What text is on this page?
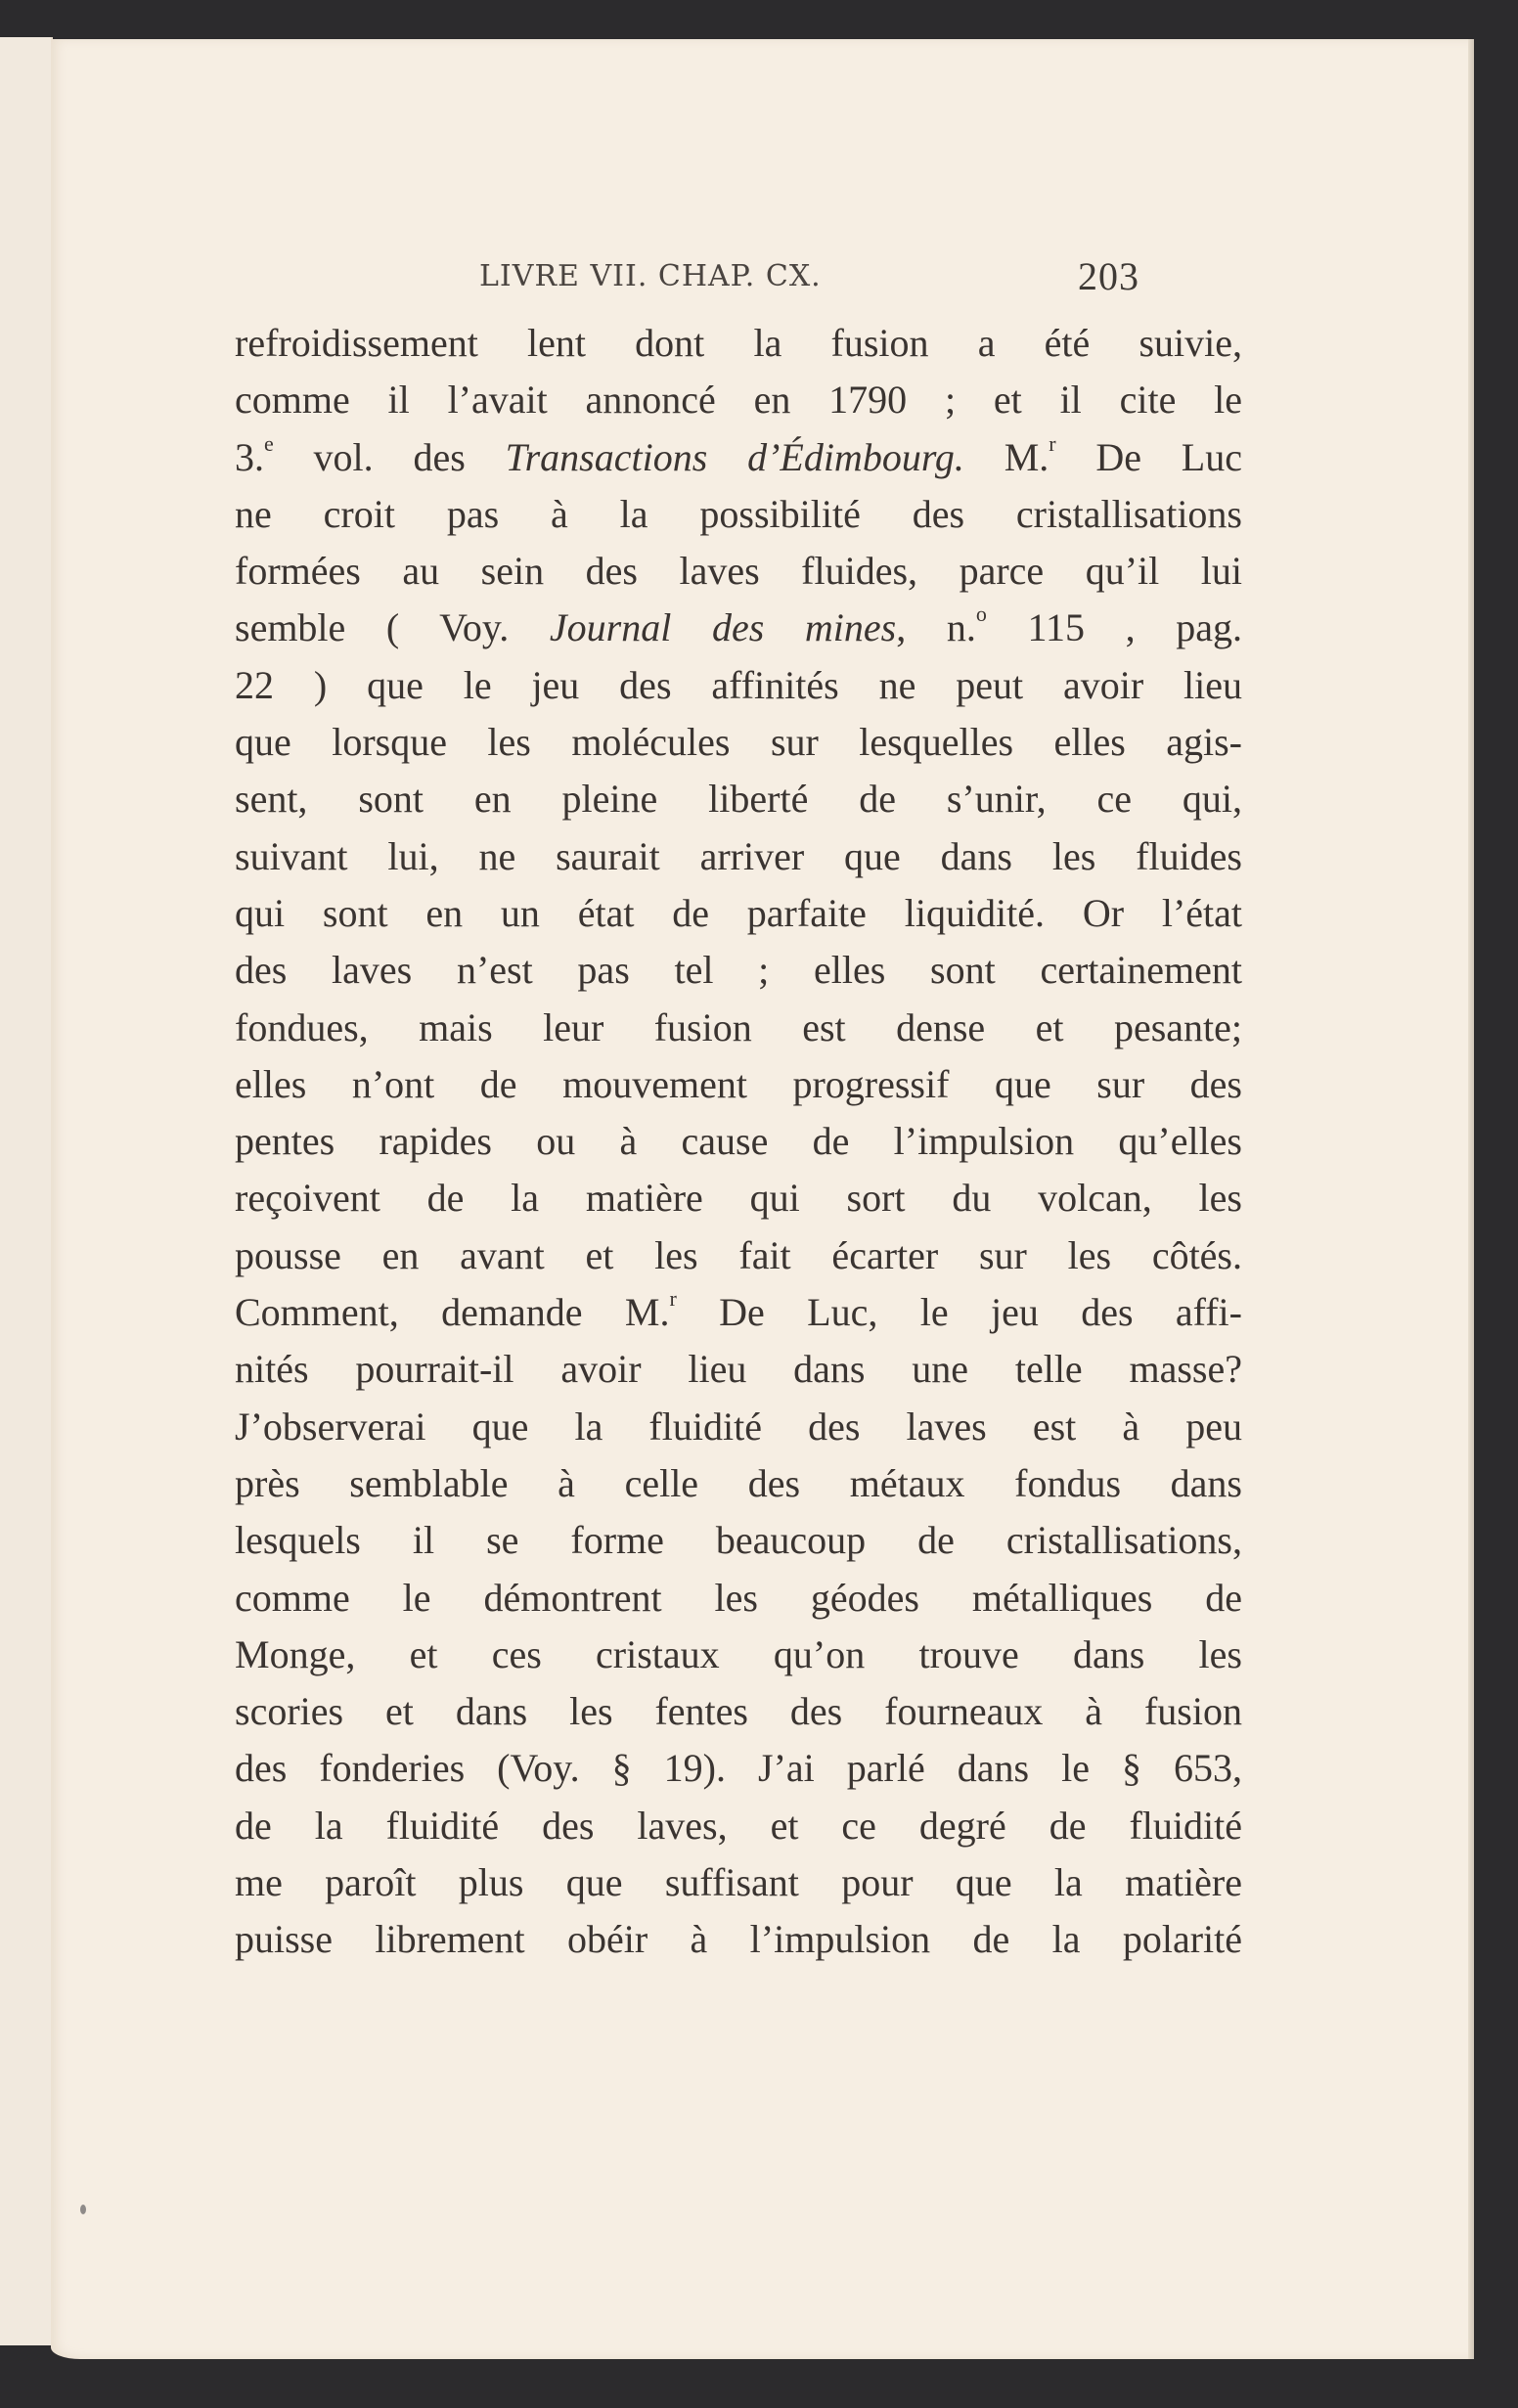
LIVRE VII. CHAP. CX.	203
refroidissement lent dont la fusion a été suivie,
comme il l’avait annoncé en 1790 ; et il cite le
3.$^e$ vol. des Transactions d’Édimbourg. M.$^r$ De Luc
ne croit pas à la possibilité des cristallisations
formées au sein des laves fluides, parce qu’il lui
semble ( Voy. Journal des mines, n.$^o$ 115 , pag.
22 ) que le jeu des affinités ne peut avoir lieu
que lorsque les molécules sur lesquelles elles agis-
sent, sont en pleine liberté de s’unir, ce qui,
suivant lui, ne saurait arriver que dans les fluides
qui sont en un état de parfaite liquidité. Or l’état
des laves n’est pas tel ; elles sont certainement
fondues, mais leur fusion est dense et pesante;
elles n’ont de mouvement progressif que sur des
pentes rapides ou à cause de l’impulsion qu’elles
reçoivent de la matière qui sort du volcan, les
pousse en avant et les fait écarter sur les côtés.
Comment, demande M.$^r$ De Luc, le jeu des affi-
nités pourrait-il avoir lieu dans une telle masse?
J’observerai que la fluidité des laves est à peu
près semblable à celle des métaux fondus dans
lesquels il se forme beaucoup de cristallisations,
comme le démontrent les géodes métalliques de
Monge, et ces cristaux qu’on trouve dans les
scories et dans les fentes des fourneaux à fusion
des fonderies (Voy. § 19). J’ai parlé dans le § 653,
de la fluidité des laves, et ce degré de fluidité
me paroît plus que suffisant pour que la matière
puisse librement obéir à l’impulsion de la polarité
